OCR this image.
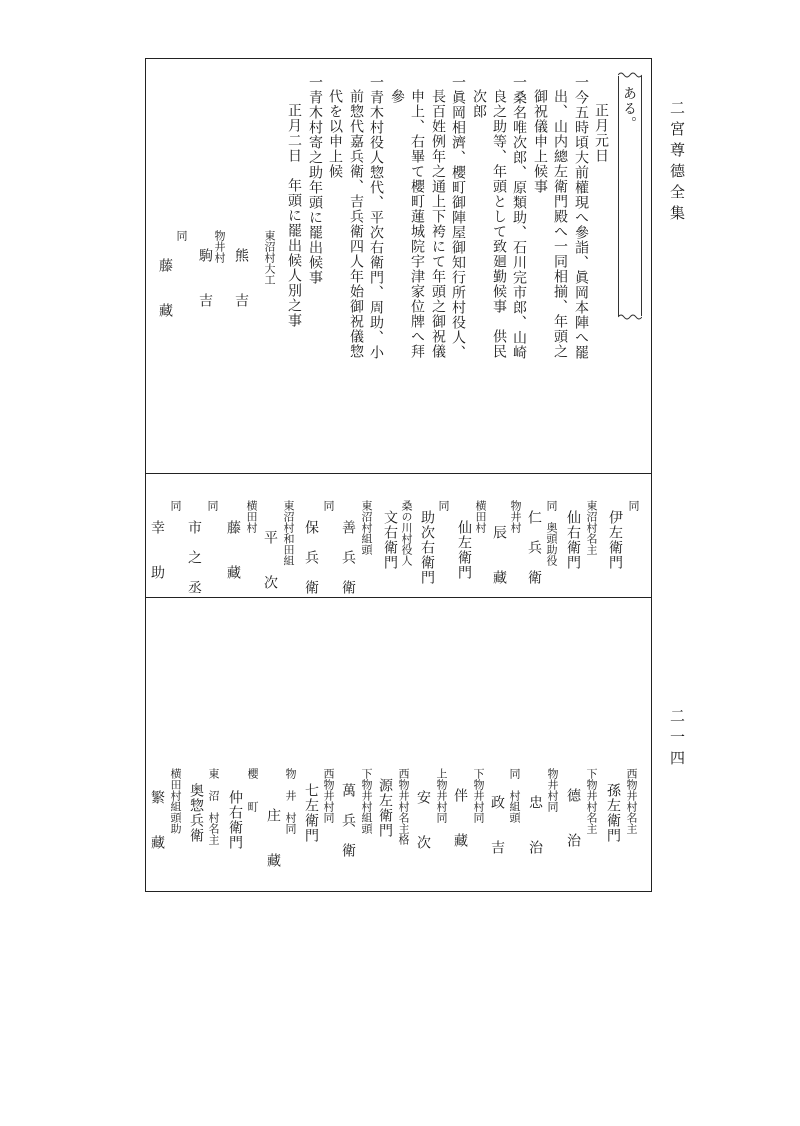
二宮尊德全集
二一四
ある。
正月元日
一今五時頃大前權現へ參詣、眞岡本陣へ罷
出、山内總左衛門殿へ一同相揃、年頭之
御祝儀申上候事
一桑名唯次郎、原類助、石川完市郎、山崎
良之助等、年頭として致廻勤候事　供民
次郎
一眞岡相濟、櫻町御陣屋御知行所村役人、
長百姓例年之通上下袴にて年頭之御祝儀
申上、右畢て櫻町蓮城院宇津家位牌へ拜
參
一青木村役人惣代、平次右衛門、周助、小
前惣代嘉兵衛、吉兵衛四人年始御祝儀惣
代を以申上候
一青木村寄之助年頭に罷出候事
正月二日　年頭に罷出候人別之事
東沼村大工
熊　　吉
物井村
駒　　吉
同
藤　　藏
同
伊左衛門
東沼村名主
仙右衛門
同　奥頭助役
仁　兵　衛
物井村
辰　　藏
横田村
仙左衛門
同
助次右衛門
桑の川村役人
文右衛門
東沼村組頭
善　兵　衛
同
保　兵　衛
東沼村和田組
平　　次
横田村
藤　　藏
同
市　之　丞
同
幸　　助
西物井村名主
孫左衛門
下物井村名主
德　　治
物井村同
忠　　治
同　村組頭
政　　吉
下物井村同
伴　　藏
上物井村同
安　　次
西物井村名主格
源左衛門
下物井村組頭
萬　兵　衛
西物井村同
七左衛門
物　井　村同
庄　　藏
櫻　　町
仲右衛門
東　沼　村名主
奥惣兵衛
横田村組頭助
繁　　藏
